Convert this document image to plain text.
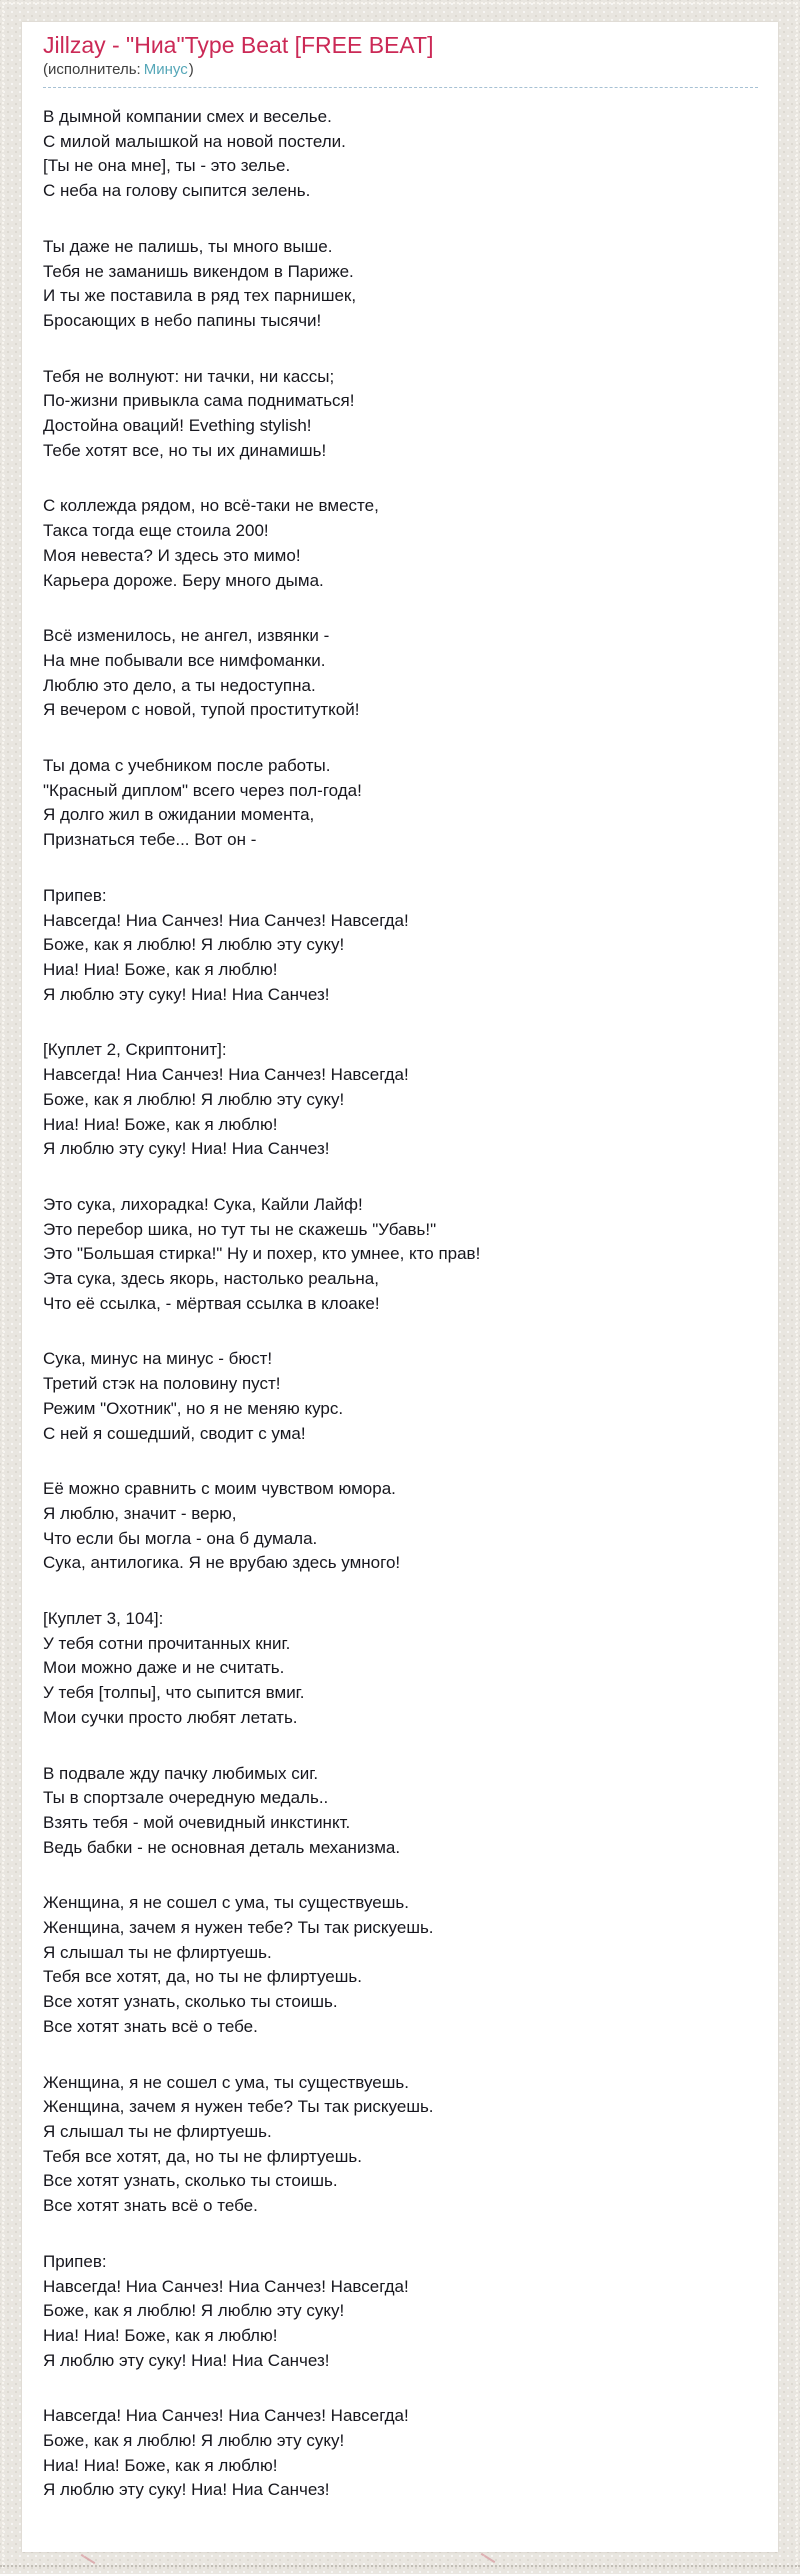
Jillzay - "Ниа"Type Beat [FREE BEAT]
(исполнитель: Минус)

В дымной компании смех и веселье.
С милой малышкой на новой постели.
[Ты не она мне], ты - это зелье.
С неба на голову сыпится зелень.

Ты даже не палишь, ты много выше.
Тебя не заманишь викендом в Париже.
И ты же поставила в ряд тех парнишек,
Бросающих в небо папины тысячи!

Тебя не волнуют: ни тачки, ни кассы;
По-жизни привыкла сама подниматься!
Достойна оваций! Evething stylish!
Тебе хотят все, но ты их динамишь!

С коллежда рядом, но всё-таки не вместе,
Такса тогда еще стоила 200!
Моя невеста? И здесь это мимо!
Карьера дороже. Беру много дыма.

Всё изменилось, не ангел, извянки -
На мне побывали все нимфоманки.
Люблю это дело, а ты недоступна.
Я вечером с новой, тупой проституткой!

Ты дома с учебником после работы.
"Красный диплом" всего через пол-года!
Я долго жил в ожидании момента,
Признаться тебе... Вот он -

Припев:
Навсегда! Ниа Санчез! Ниа Санчез! Навсегда!
Боже, как я люблю! Я люблю эту суку!
Ниа! Ниа! Боже, как я люблю!
Я люблю эту суку! Ниа! Ниа Санчез!

[Куплет 2, Скриптонит]:
Навсегда! Ниа Санчез! Ниа Санчез! Навсегда!
Боже, как я люблю! Я люблю эту суку!
Ниа! Ниа! Боже, как я люблю!
Я люблю эту суку! Ниа! Ниа Санчез!

Это сука, лихорадка! Сука, Кайли Лайф!
Это перебор шика, но тут ты не скажешь "Убавь!"
Это "Большая стирка!" Ну и похер, кто умнее, кто прав!
Эта сука, здесь якорь, настолько реальна,
Что её ссылка, - мёртвая ссылка в клоаке!

Сука, минус на минус - бюст!
Третий стэк на половину пуст!
Режим "Охотник", но я не меняю курс.
С ней я сошедший, сводит с ума!

Её можно сравнить с моим чувством юмора.
Я люблю, значит - верю,
Что если бы могла - она б думала.
Сука, антилогика. Я не врубаю здесь умного!

[Куплет 3, 104]:
У тебя сотни прочитанных книг.
Мои можно даже и не считать.
У тебя [толпы], что сыпится вмиг.
Мои сучки просто любят летать.

В подвале жду пачку любимых сиг.
Ты в спортзале очередную медаль..
Взять тебя - мой очевидный инкстинкт.
Ведь бабки - не основная деталь механизма.

Женщина, я не сошел с ума, ты существуешь.
Женщина, зачем я нужен тебе? Ты так рискуешь.
Я слышал ты не флиртуешь.
Тебя все хотят, да, но ты не флиртуешь.
Все хотят узнать, сколько ты стоишь.
Все хотят знать всё о тебе.

Женщина, я не сошел с ума, ты существуешь.
Женщина, зачем я нужен тебе? Ты так рискуешь.
Я слышал ты не флиртуешь.
Тебя все хотят, да, но ты не флиртуешь.
Все хотят узнать, сколько ты стоишь.
Все хотят знать всё о тебе.

Припев:
Навсегда! Ниа Санчез! Ниа Санчез! Навсегда!
Боже, как я люблю! Я люблю эту суку!
Ниа! Ниа! Боже, как я люблю!
Я люблю эту суку! Ниа! Ниа Санчез!

Навсегда! Ниа Санчез! Ниа Санчез! Навсегда!
Боже, как я люблю! Я люблю эту суку!
Ниа! Ниа! Боже, как я люблю!
Я люблю эту суку! Ниа! Ниа Санчез!
